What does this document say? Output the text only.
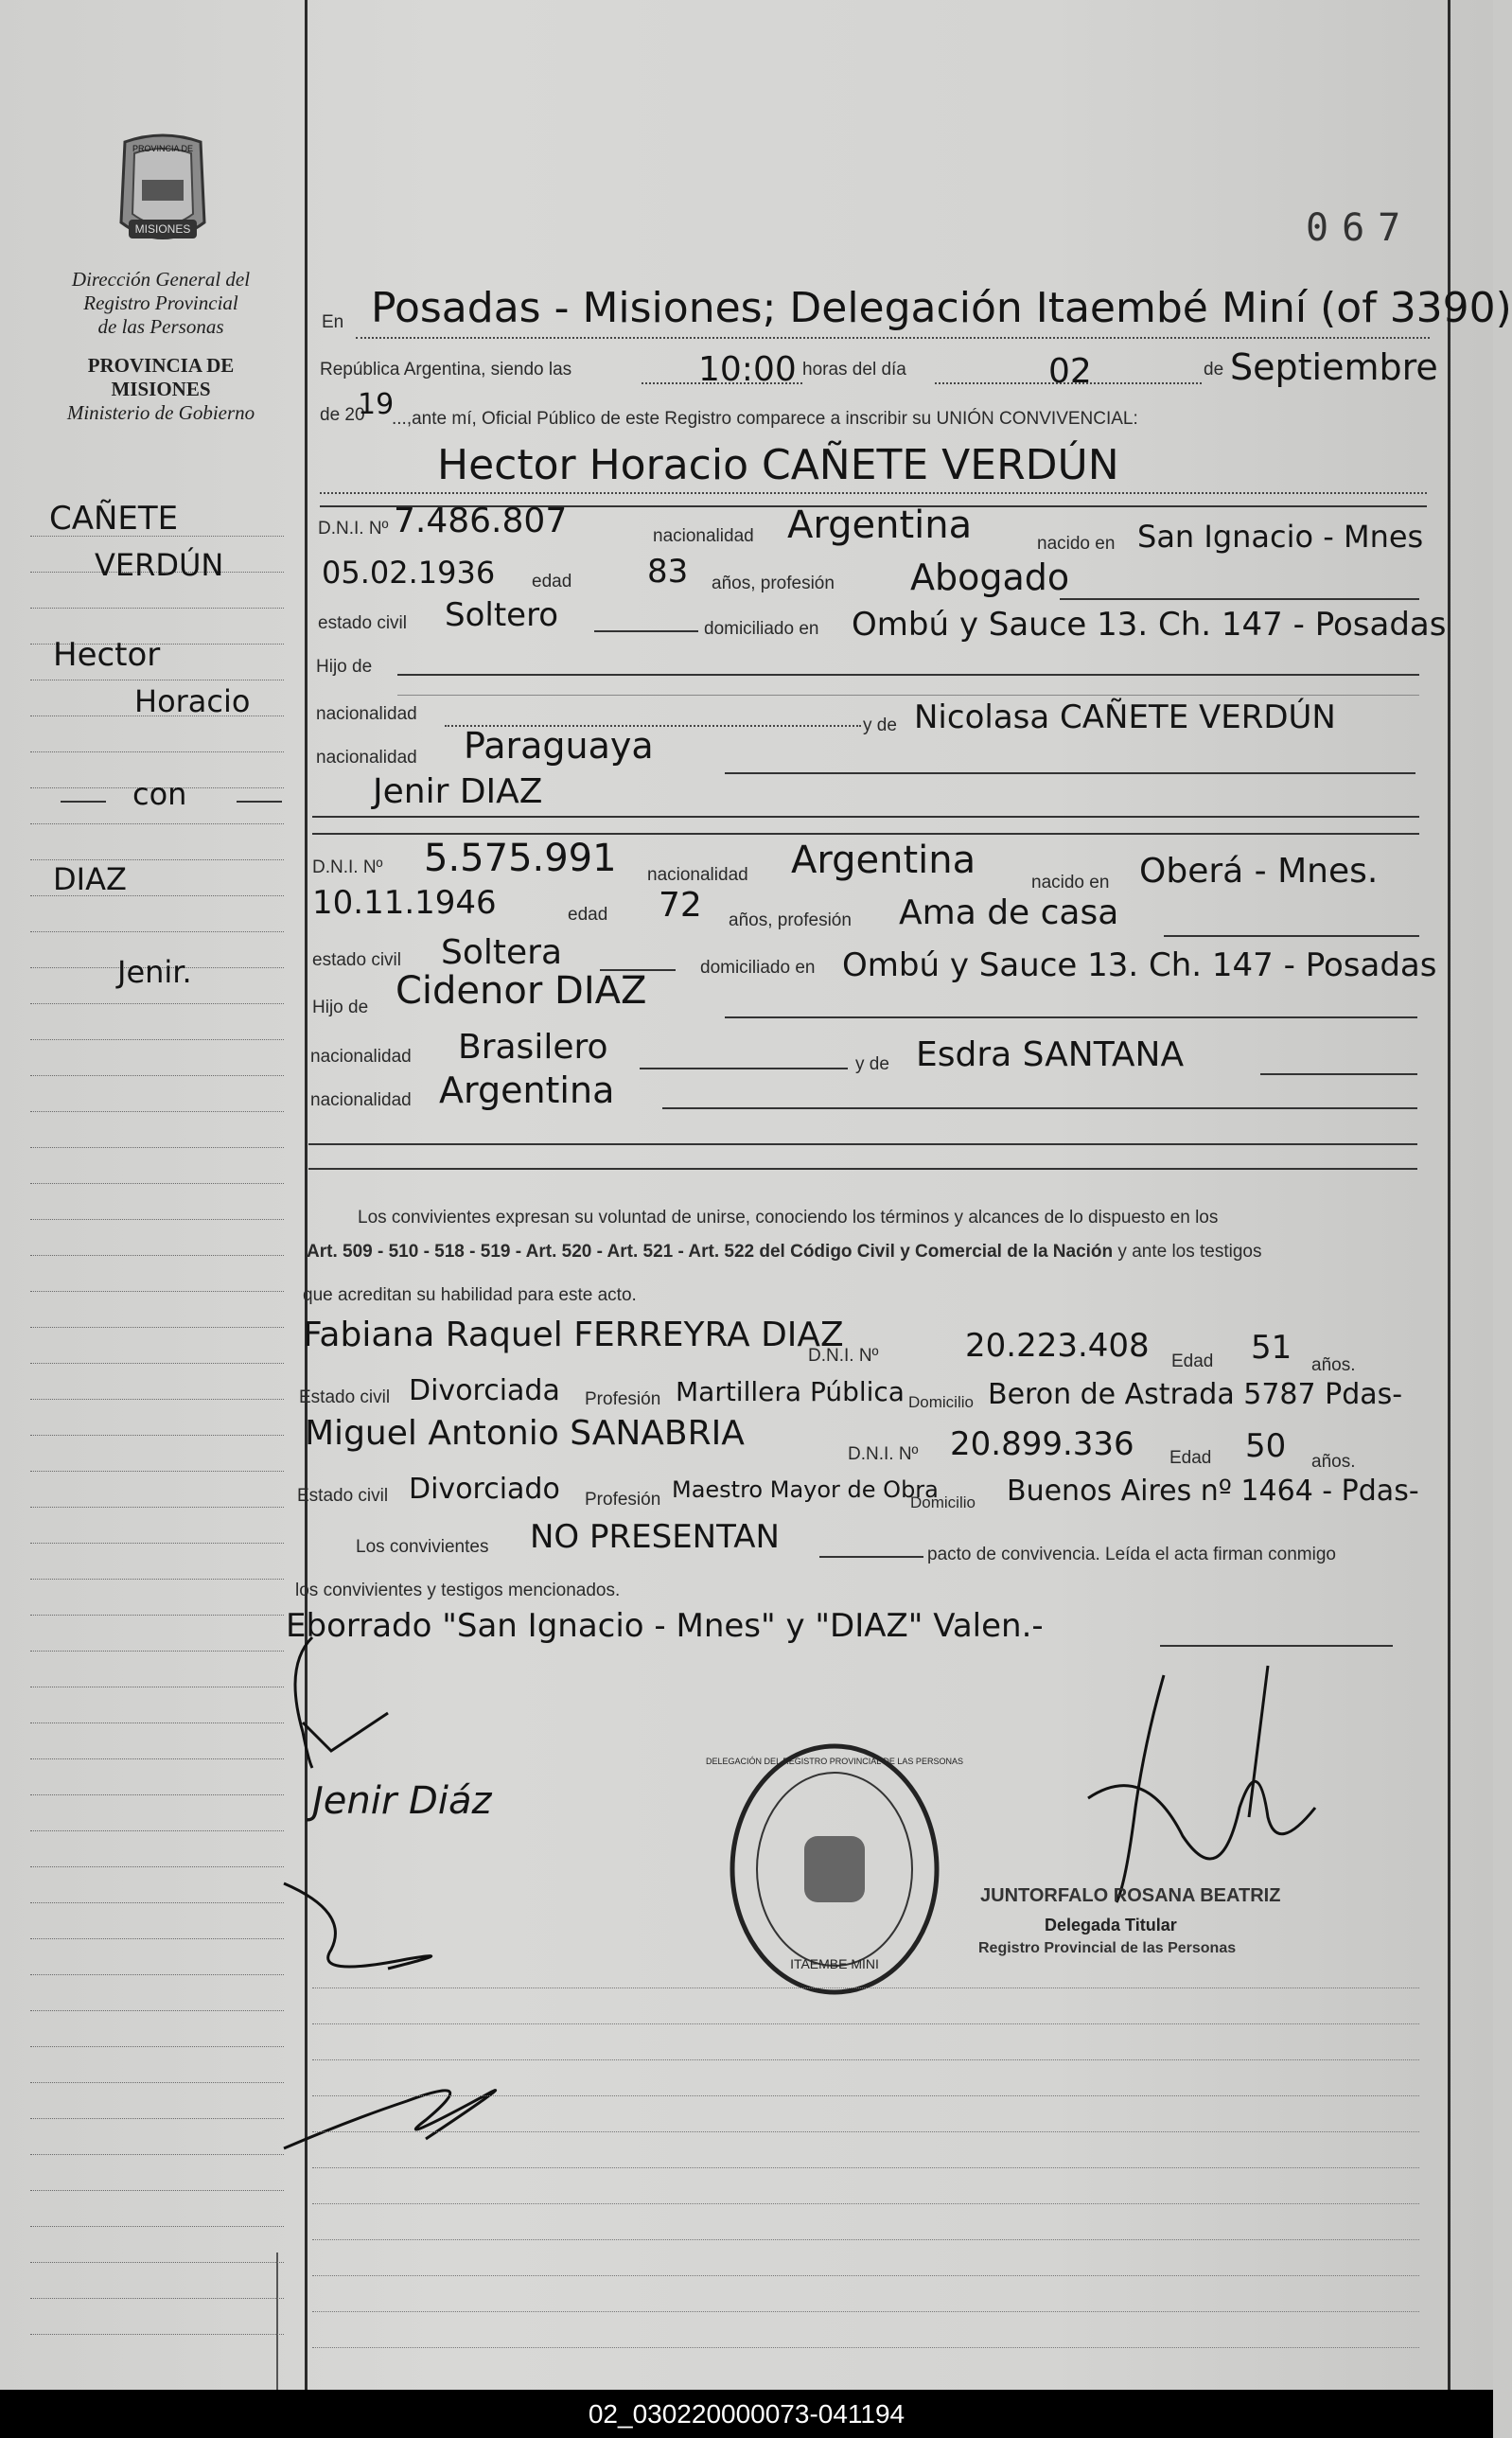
PROVINCIA DE
MISIONES
Dirección General del
Registro Provincial
de las Personas
PROVINCIA DE
MISIONES
Ministerio de Gobierno
067
CAÑETE
VERDÚN
Hector
Horacio
con
DIAZ
Jenir.
En Posadas - Misiones; Delegación Itaembé Miní (of 3390)
República Argentina, siendo las	10:00 horas del día	02	de Septiembre
de 20
19
...,ante mí, Oficial Público de este Registro comparece a inscribir su UNIÓN CONVIVENCIAL:
Hector Horacio CAÑETE VERDÚN
D.N.I. Nº 7.486.807	nacionalidad Argentina	nacido en San Ignacio - Mnes
05.02.1936 edad 83 años, profesión Abogado
estado civil Soltero	domiciliado en Ombú y Sauce 13. Ch. 147 - Posadas
Hijo de
nacionalidad
y de Nicolasa CAÑETE VERDÚN
nacionalidad Paraguaya
Jenir DIAZ
D.N.I. Nº 5.575.991 nacionalidad Argentina
nacido en Oberá - Mnes.
10.11.1946	edad 72 años, profesión Ama de casa
estado civil Soltera	domiciliado en Ombú y Sauce 13. Ch. 147 - Posadas
Hijo de Cidenor DIAZ
nacionalidad Brasilero	y de Esdra SANTANA
nacionalidad Argentina
Los convivientes expresan su voluntad de unirse, conociendo los términos y alcances de lo dispuesto en los
Art. 509 - 510 - 518 - 519 - Art. 520 - Art. 521 - Art. 522 del Código Civil y Comercial de la Nación y ante los testigos
que acreditan su habilidad para este acto.
Fabiana Raquel FERREYRA DIAZ
D.N.I. Nº	20.223.408 Edad 51 años.
Estado civil Divorciada Profesión Martillera Pública Domicilio Beron de Astrada 5787 Pdas-
Miguel Antonio SANABRIA
D.N.I. Nº 20.899.336 Edad 50 años.
Estado civil Divorciado Profesión Maestro Mayor de Obra
Domicilio Buenos Aires nº 1464 - Pdas-
Los convivientes NO PRESENTAN	pacto de convivencia. Leída el acta firman conmigo
los convivientes y testigos mencionados.
Eborrado "San Ignacio - Mnes" y "DIAZ" Valen.-
Jenir Diáz
ITAEMBE MINI
DELEGACIÓN DEL REGISTRO PROVINCIAL DE LAS PERSONAS
JUNTORFALO ROSANA BEATRIZ
Delegada Titular
Registro Provincial de las Personas
02_030220000073-041194
